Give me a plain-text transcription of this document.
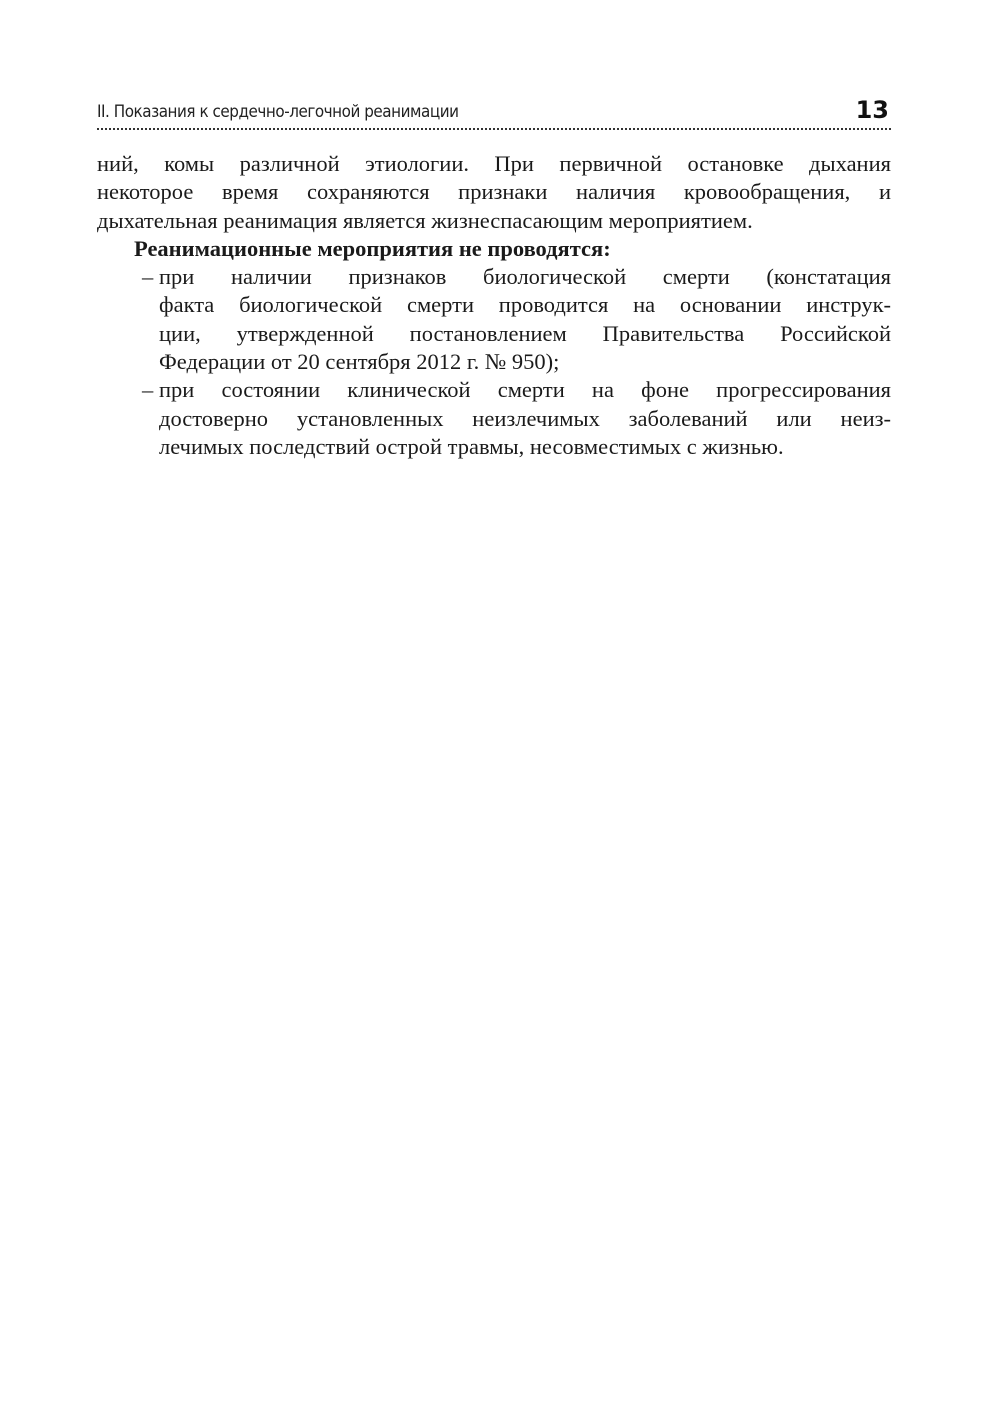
II. Показания к сердечно-легочной реанимации	13
ний, комы различной этиологии. При первичной остановке дыхания
некоторое время сохраняются признаки наличия кровообращения, и
дыхательная реанимация является жизнеспасающим мероприятием.
Реанимационные мероприятия не проводятся:
– при наличии признаков биологической смерти (констатация
факта биологической смерти проводится на основании инструк-
ции, утвержденной постановлением Правительства Российской
Федерации от 20 сентября 2012 г. № 950);
– при состоянии клинической смерти на фоне прогрессирования
достоверно установленных неизлечимых заболеваний или неиз-
лечимых последствий острой травмы, несовместимых с жизнью.
